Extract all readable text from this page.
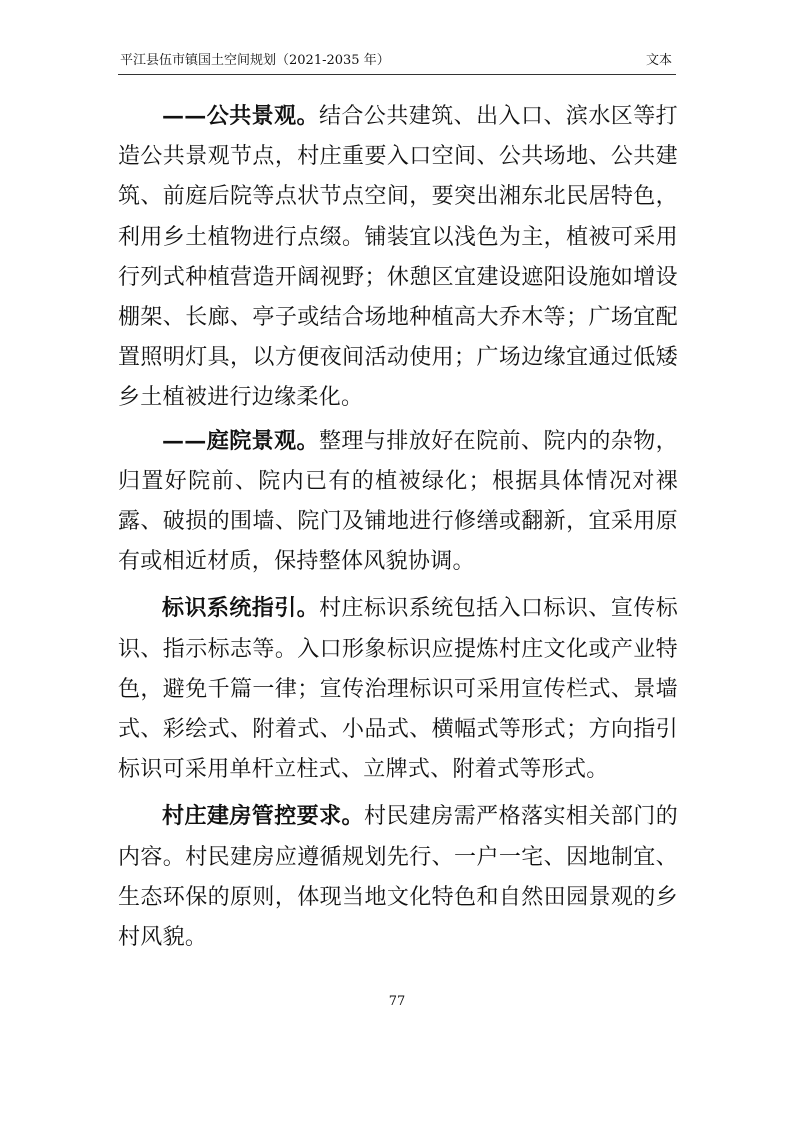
平江县伍市镇国土空间规划（2021-2035 年）	文本

——公共景观。结合公共建筑、出入口、滨水区等打造公共景观节点，村庄重要入口空间、公共场地、公共建筑、前庭后院等点状节点空间，要突出湘东北民居特色，利用乡土植物进行点缀。铺装宜以浅色为主，植被可采用行列式种植营造开阔视野；休憩区宜建设遮阳设施如增设棚架、长廊、亭子或结合场地种植高大乔木等；广场宜配置照明灯具，以方便夜间活动使用；广场边缘宜通过低矮乡土植被进行边缘柔化。

——庭院景观。整理与排放好在院前、院内的杂物，归置好院前、院内已有的植被绿化；根据具体情况对裸露、破损的围墙、院门及铺地进行修缮或翻新，宜采用原有或相近材质，保持整体风貌协调。

标识系统指引。村庄标识系统包括入口标识、宣传标识、指示标志等。入口形象标识应提炼村庄文化或产业特色，避免千篇一律；宣传治理标识可采用宣传栏式、景墙式、彩绘式、附着式、小品式、横幅式等形式；方向指引标识可采用单杆立柱式、立牌式、附着式等形式。

村庄建房管控要求。村民建房需严格落实相关部门的内容。村民建房应遵循规划先行、一户一宅、因地制宜、生态环保的原则，体现当地文化特色和自然田园景观的乡村风貌。

77
